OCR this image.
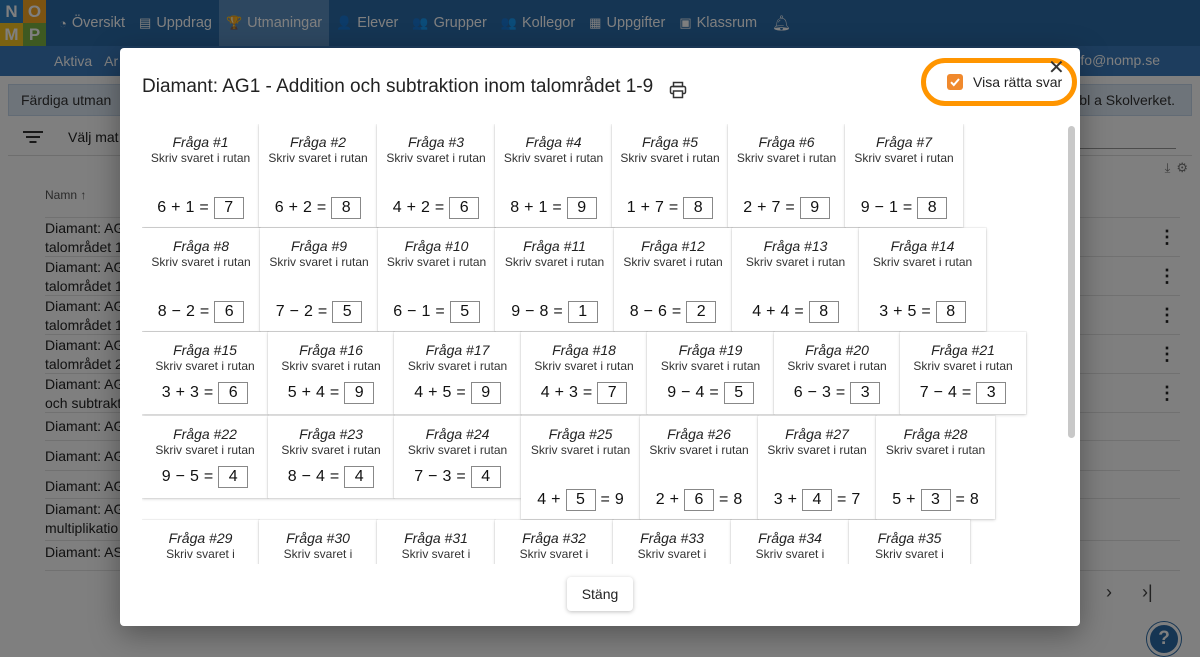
Diamant: AG1 - Addition och subtraktion inom talområdet 1-9	Visa rätta svar
✕
Fråga #1
Skriv svaret i rutan
6 + 1 = 7
Fråga #2
Skriv svaret i rutan
6 + 2 = 8
Fråga #3
Skriv svaret i rutan
4 + 2 = 6
Fråga #4
Skriv svaret i rutan
8 + 1 = 9
Fråga #5
Skriv svaret i rutan
1 + 7 = 8
Fråga #6
Skriv svaret i rutan
2 + 7 = 9
Fråga #7
Skriv svaret i rutan
9 − 1 = 8
Fråga #8
Skriv svaret i rutan
8 − 2 = 6
Fråga #9
Skriv svaret i rutan
7 − 2 = 5
Fråga #10
Skriv svaret i rutan
6 − 1 = 5
Fråga #11
Skriv svaret i rutan
9 − 8 = 1
Fråga #12
Skriv svaret i rutan
8 − 6 = 2
Fråga #13
Skriv svaret i rutan
4 + 4 = 8
Fråga #14
Skriv svaret i rutan
3 + 5 = 8
Fråga #15
Skriv svaret i rutan
3 + 3 = 6
Fråga #16
Skriv svaret i rutan
5 + 4 = 9
Fråga #17
Skriv svaret i rutan
4 + 5 = 9
Fråga #18
Skriv svaret i rutan
4 + 3 = 7
Fråga #19
Skriv svaret i rutan
9 − 4 = 5
Fråga #20
Skriv svaret i rutan
6 − 3 = 3
Fråga #21
Skriv svaret i rutan
7 − 4 = 3
Fråga #22
Skriv svaret i rutan
9 − 5 = 4
Fråga #23
Skriv svaret i rutan
8 − 4 = 4
Fråga #24
Skriv svaret i rutan
7 − 3 = 4
Fråga #25
Skriv svaret i rutan
4 + 5 = 9
Fråga #26
Skriv svaret i rutan
2 + 6 = 8
Fråga #27
Skriv svaret i rutan
3 + 4 = 7
Fråga #28
Skriv svaret i rutan
5 + 3 = 8
Fråga #29
Skriv svaret i
Fråga #30
Skriv svaret i
Fråga #31
Skriv svaret i
Fråga #32
Skriv svaret i
Fråga #33
Skriv svaret i
Fråga #34
Skriv svaret i
Fråga #35
Skriv svaret i
Stäng
